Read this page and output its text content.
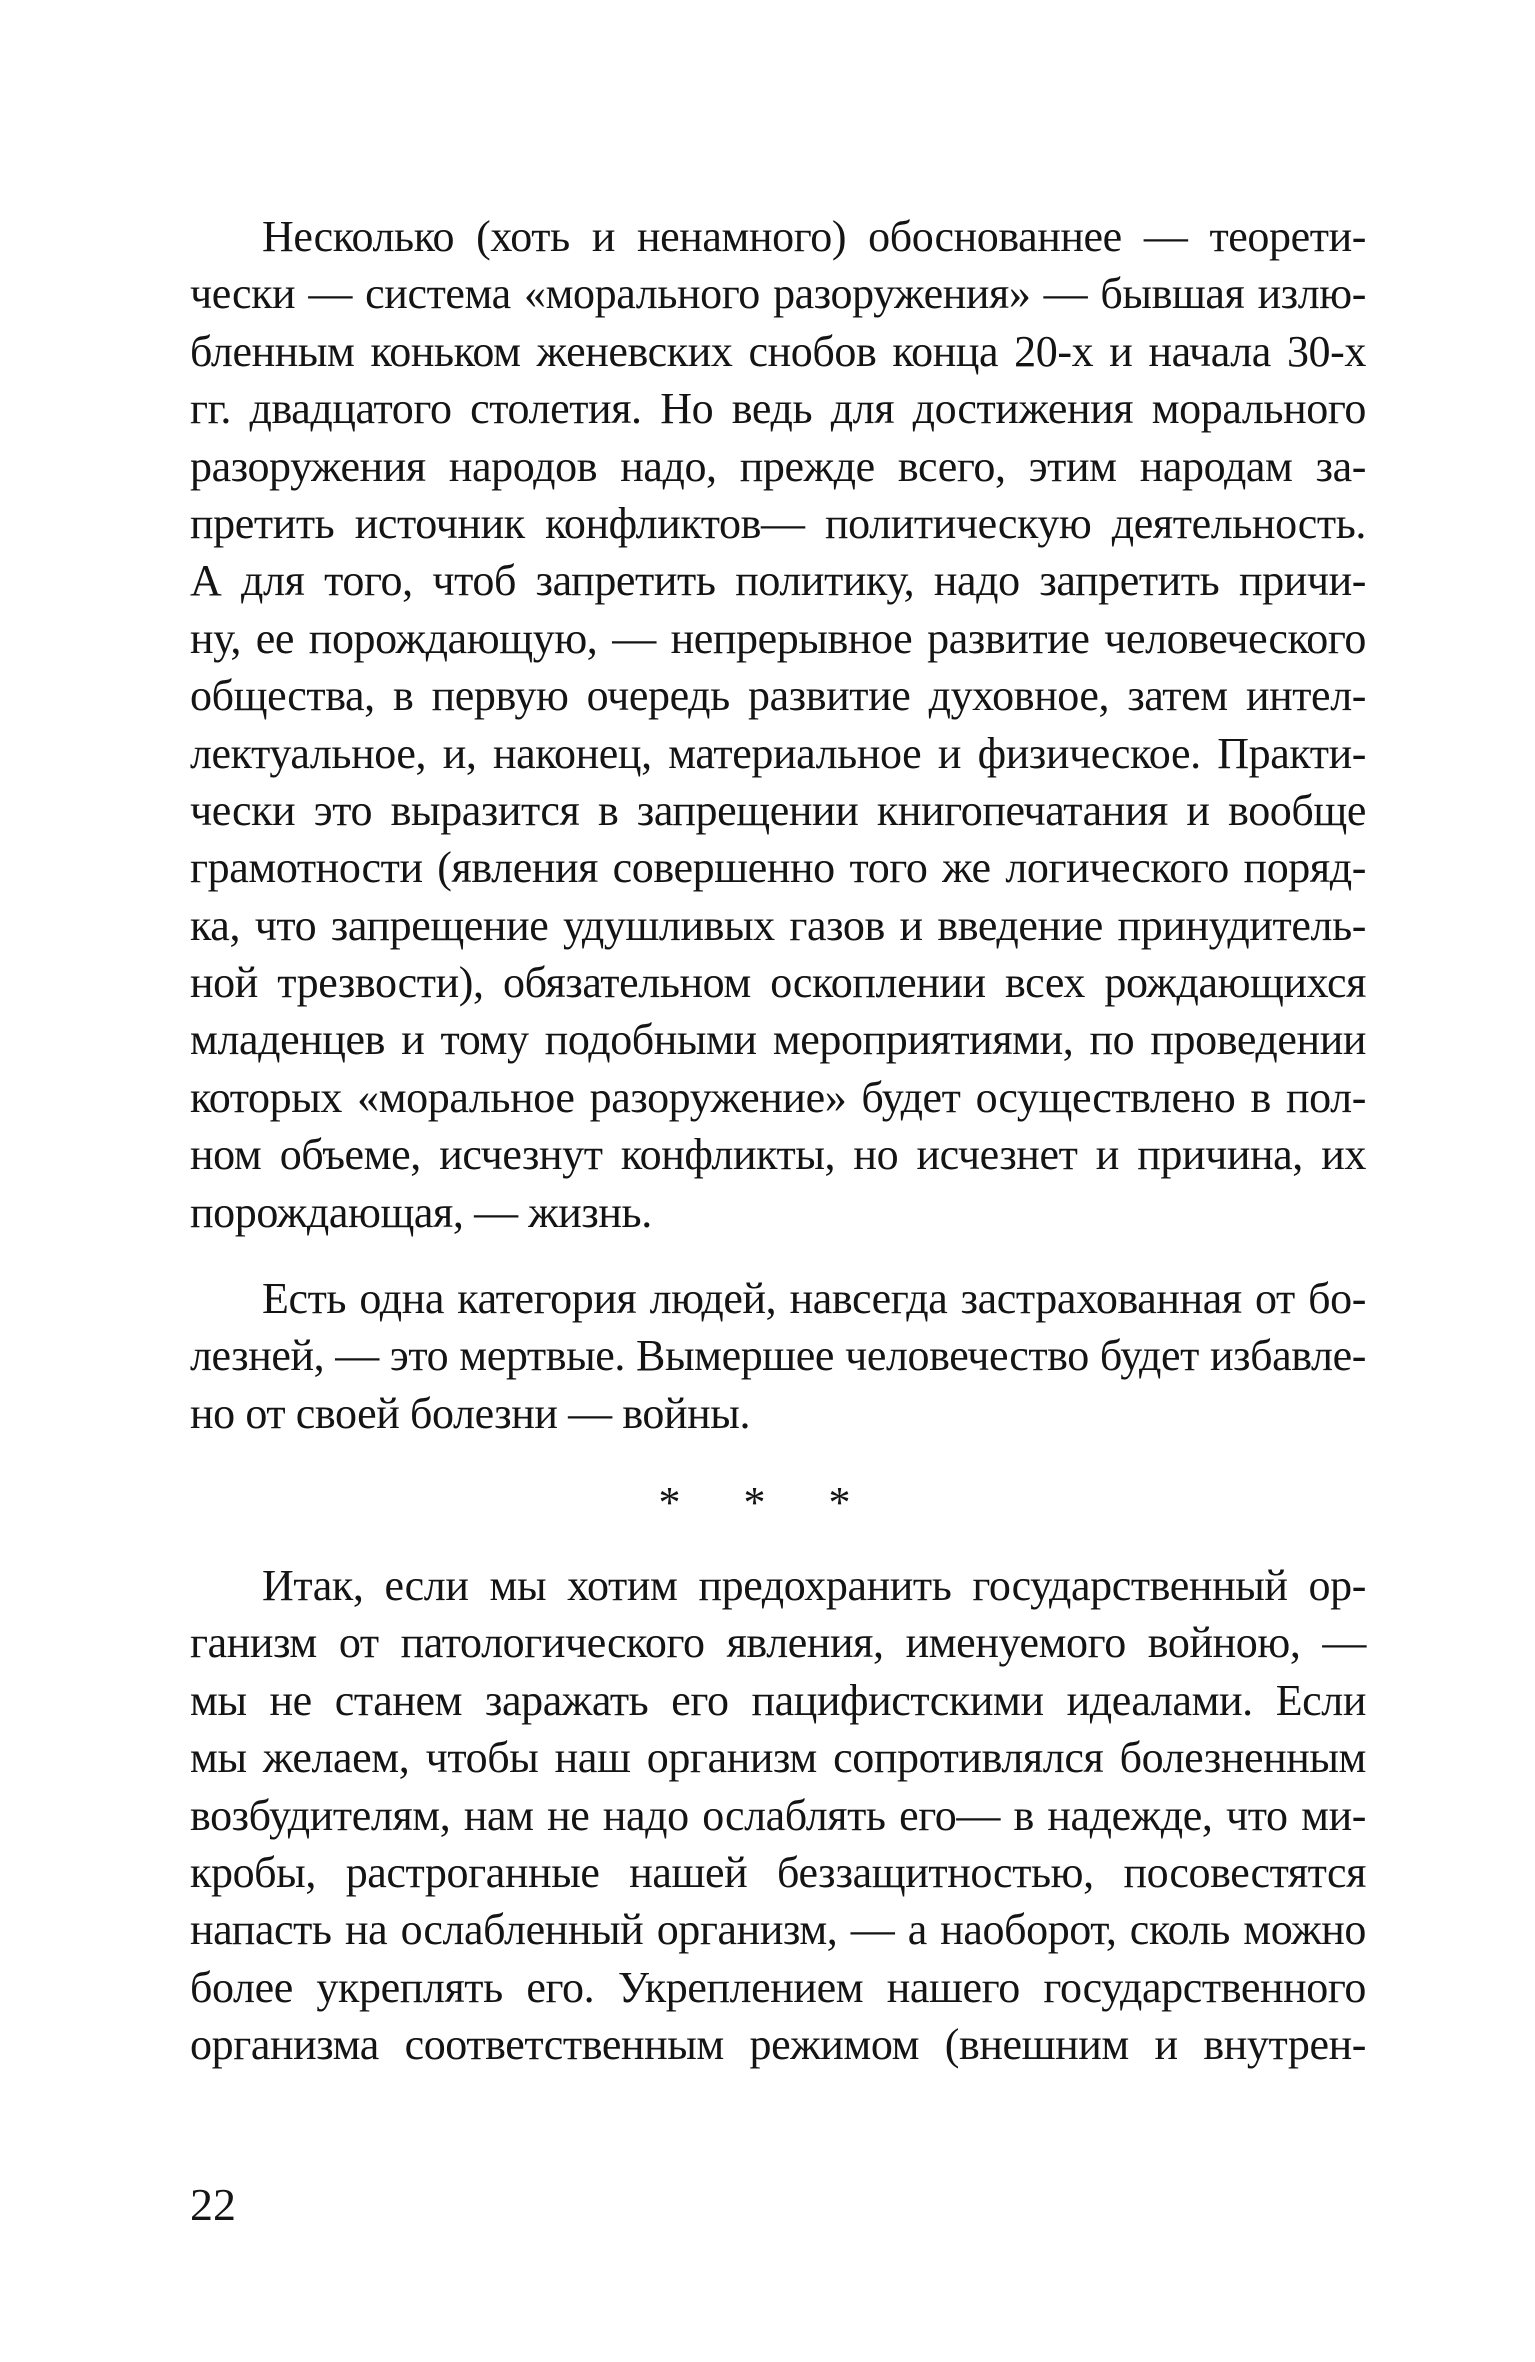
Несколько (хоть и ненамного) обоснованнее — теорети-
чески — система «морального разоружения» — бывшая излю-
бленным коньком женевских снобов конца 20-х и начала 30-х
гг. двадцатого столетия. Но ведь для достижения морального
разоружения народов надо, прежде всего, этим народам за-
претить источник конфликтов— политическую деятельность.
А для того, чтоб запретить политику, надо запретить причи-
ну, ее порождающую, — непрерывное развитие человеческого
общества, в первую очередь развитие духовное, затем интел-
лектуальное, и, наконец, материальное и физическое. Практи-
чески это выразится в запрещении книгопечатания и вообще
грамотности (явления совершенно того же логического поряд-
ка, что запрещение удушливых газов и введение принудитель-
ной трезвости), обязательном оскоплении всех рождающихся
младенцев и тому подобными мероприятиями, по проведении
которых «моральное разоружение» будет осуществлено в пол-
ном объеме, исчезнут конфликты, но исчезнет и причина, их
порождающая, — жизнь.
Есть одна категория людей, навсегда застрахованная от бо-
лезней, — это мертвые. Вымершее человечество будет избавле-
но от своей болезни — войны.
* * *
Итак, если мы хотим предохранить государственный ор-
ганизм от патологического явления, именуемого войною, —
мы не станем заражать его пацифистскими идеалами. Если
мы желаем, чтобы наш организм сопротивлялся болезненным
возбудителям, нам не надо ослаблять его— в надежде, что ми-
кробы, растроганные нашей беззащитностью, посовестятся
напасть на ослабленный организм, — а наоборот, сколь можно
более укреплять его. Укреплением нашего государственного
организма соответственным режимом (внешним и внутрен-
22
